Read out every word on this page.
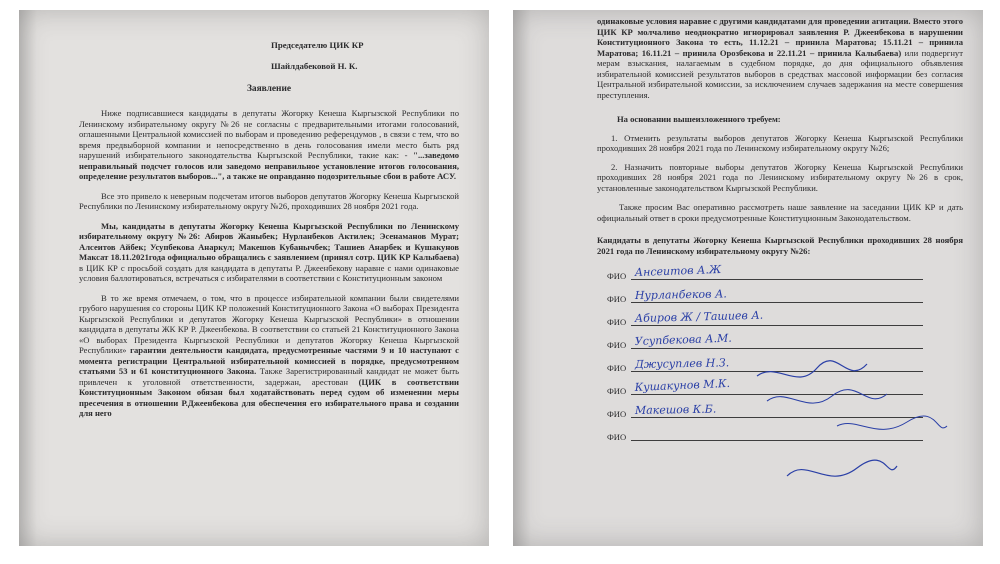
Председателю ЦИК КР

Шайлдабековой Н. К.

Заявление

Ниже подписавшиеся кандидаты в депутаты Жогорку Кенеша Кыргызской Республики по Ленинскому избирательному округу №26 не согласны с предварительными итогами голосований, оглашенными Центральной комиссией по выборам и проведению референдумов , в связи с тем, что во время предвыборной компании и непосредственно в день голосования имели место быть ряд нарушений избирательного законодательства Кыргызской Республики, такие как: - "...заведомо неправильный подсчет голосов или заведомо неправильное установление итогов голосования, определение результатов выборов...", а также не оправданно подозрительные сбои в работе АСУ.

Все это привело к неверным подсчетам итогов выборов депутатов Жогорку Кенеша Кыргызской Республики по Ленинскому избирательному округу №26, проходивших 28 ноября 2021 года.

Мы, кандидаты в депутаты Жогорку Кенеша Кыргызской Республики по Ленинскому избирательному округу №26: Абиров Жаныбек; Нурланбеков Актилек; Эсенаманов Мурат; Алсеитов Айбек; Усупбекова Анаркул; Макешов Кубанычбек; Ташиев Анарбек и Кушакунов Максат 18.11.2021года официально обращались с заявлением (принял сотр. ЦИК КР Калыбаева) в ЦИК КР с просьбой создать для кандидата в депутаты Р. Джеенбекову наравне с нами одинаковые условия баллотироваться, встречаться с избирателями в соответствии с Конституционным законом

В то же время отмечаем, о том, что в процессе избирательной компании были свидетелями грубого нарушения со стороны ЦИК КР положений Конституционного Закона «О выборах Президента Кыргызской Республики и депутатов Жогорку Кенеша Кыргызской Республики» в отношении кандидата в депутаты ЖК КР Р. Джеенбекова. В соответствии со статьей 21 Конституционного Закона «О выборах Президента Кыргызской Республики и депутатов Жогорку Кенеша Кыргызской Республики» гарантии деятельности кандидата, предусмотренные частями 9 и 10 наступают с момента регистрации Центральной избирательной комиссией в порядке, предусмотренном статьями 53 и 61 конституционного Закона. Также Зарегистрированный кандидат не может быть привлечен к уголовной ответственности, задержан, арестован (ЦИК в соответствии Конституционным Законом обязан был ходатайствовать перед судом об изменении меры пресечения в отношении Р.Джеенбекова для обеспечения его избирательного права и создании для него

одинаковые условия наравне с другими кандидатами для проведении агитации. Вместо этого ЦИК КР молчаливо неоднократно игнорировал заявления Р. Джеенбекова в нарушении Конституционного Закона то есть, 11.12.21 – принила Маратова; 15.11.21 – принила Маратова; 16.11.21 – принила Орозбекова и 22.11.21 – принила Калыбаева) или подвергнут мерам взыскания, налагаемым в судебном порядке, до дня официального объявления избирательной комиссией результатов выборов в средствах массовой информации без согласия Центральной избирательной комиссии, за исключением случаев задержания на месте совершения преступления.

На основании вышеизложенного требуем:

1. Отменить результаты выборов депутатов Жогорку Кенеша Кыргызской Республики проходивших 28 ноября 2021 года по Ленинскому избирательному округу №26;

2. Назначить повторные выборы депутатов Жогорку Кенеша Кыргызской Республики проходивших 28 ноября 2021 года по Ленинскому избирательному округу №26 в срок, установленные законодательством Кыргызской Республики.

Также просим Вас оперативно рассмотреть наше заявление на заседании ЦИК КР и дать официальный ответ в сроки предусмотренные Конституционным Законодательством.

Кандидаты в депутаты Жогорку Кенеша Кыргызской Республики проходивших 28 ноября 2021 года по Ленинскому избирательному округу №26:

ФИО Ансеитов А.Ж
ФИО Нурланбеков А.
ФИО Абиров Ж / Ташиев А.
ФИО Усупбекова А.М.
ФИО Джусуплев Н.З.
ФИО Кушакунов М.К.
ФИО Макешов К.Б.
ФИО
